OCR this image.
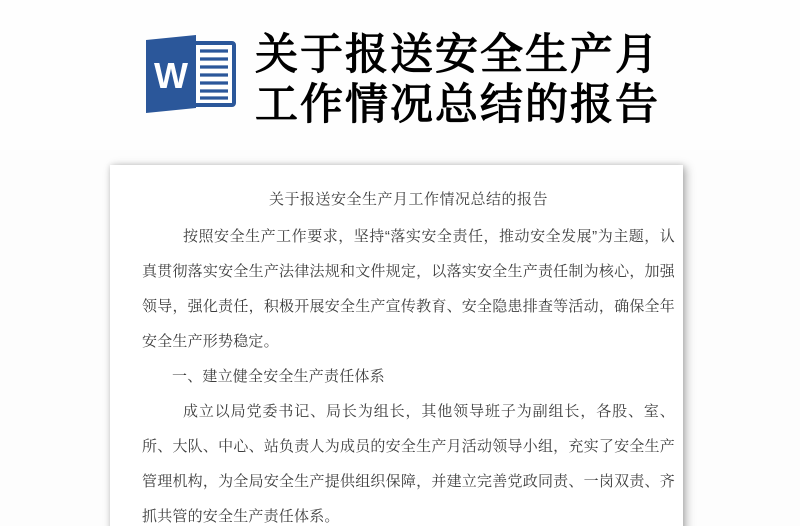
W 关于报送安全生产月
工作情况总结的报告
关于报送安全生产月工作情况总结的报告

按照安全生产工作要求，坚持“落实安全责任，推动安全发展”为主题，认真贯彻落实安全生产法律法规和文件规定，以落实安全生产责任制为核心，加强领导，强化责任，积极开展安全生产宣传教育、安全隐患排查等活动，确保全年安全生产形势稳定。

一、建立健全安全生产责任体系

成立以局党委书记、局长为组长，其他领导班子为副组长，各股、室、所、大队、中心、站负责人为成员的安全生产月活动领导小组，充实了安全生产管理机构，为全局安全生产提供组织保障，并建立完善党政同责、一岗双责、齐抓共管的安全生产责任体系。
